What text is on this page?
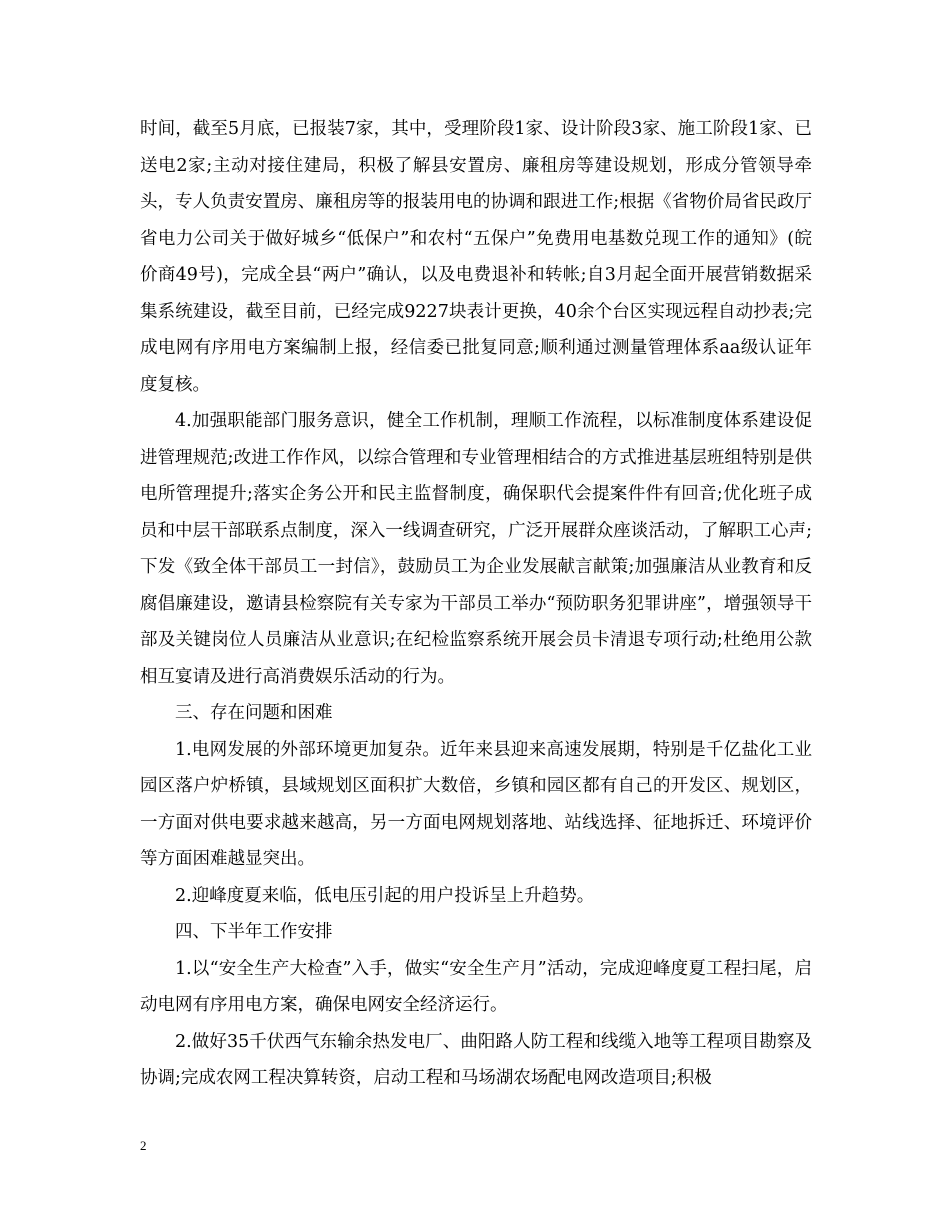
时间，截至5月底，已报装7家，其中，受理阶段1家、设计阶段3家、施工阶段1家、已送电2家;主动对接住建局，积极了解县安置房、廉租房等建设规划，形成分管领导牵头，专人负责安置房、廉租房等的报装用电的协调和跟进工作;根据《省物价局省民政厅省电力公司关于做好城乡“低保户”和农村“五保户”免费用电基数兑现工作的通知》(皖价商49号)，完成全县“两户”确认，以及电费退补和转帐;自3月起全面开展营销数据采集系统建设，截至目前，已经完成9227块表计更换，40余个台区实现远程自动抄表;完成电网有序用电方案编制上报，经信委已批复同意;顺利通过测量管理体系aa级认证年度复核。

4.加强职能部门服务意识，健全工作机制，理顺工作流程，以标准制度体系建设促进管理规范;改进工作作风，以综合管理和专业管理相结合的方式推进基层班组特别是供电所管理提升;落实企务公开和民主监督制度，确保职代会提案件件有回音;优化班子成员和中层干部联系点制度，深入一线调查研究，广泛开展群众座谈活动，了解职工心声;下发《致全体干部员工一封信》，鼓励员工为企业发展献言献策;加强廉洁从业教育和反腐倡廉建设，邀请县检察院有关专家为干部员工举办“预防职务犯罪讲座”，增强领导干部及关键岗位人员廉洁从业意识;在纪检监察系统开展会员卡清退专项行动;杜绝用公款相互宴请及进行高消费娱乐活动的行为。

三、存在问题和困难

1.电网发展的外部环境更加复杂。近年来县迎来高速发展期，特别是千亿盐化工业园区落户炉桥镇，县域规划区面积扩大数倍，乡镇和园区都有自己的开发区、规划区，一方面对供电要求越来越高，另一方面电网规划落地、站线选择、征地拆迁、环境评价等方面困难越显突出。

2.迎峰度夏来临，低电压引起的用户投诉呈上升趋势。

四、下半年工作安排

1.以“安全生产大检查”入手，做实“安全生产月”活动，完成迎峰度夏工程扫尾，启动电网有序用电方案，确保电网安全经济运行。

2.做好35千伏西气东输余热发电厂、曲阳路人防工程和线缆入地等工程项目勘察及协调;完成农网工程决算转资，启动工程和马场湖农场配电网改造项目;积极

2
